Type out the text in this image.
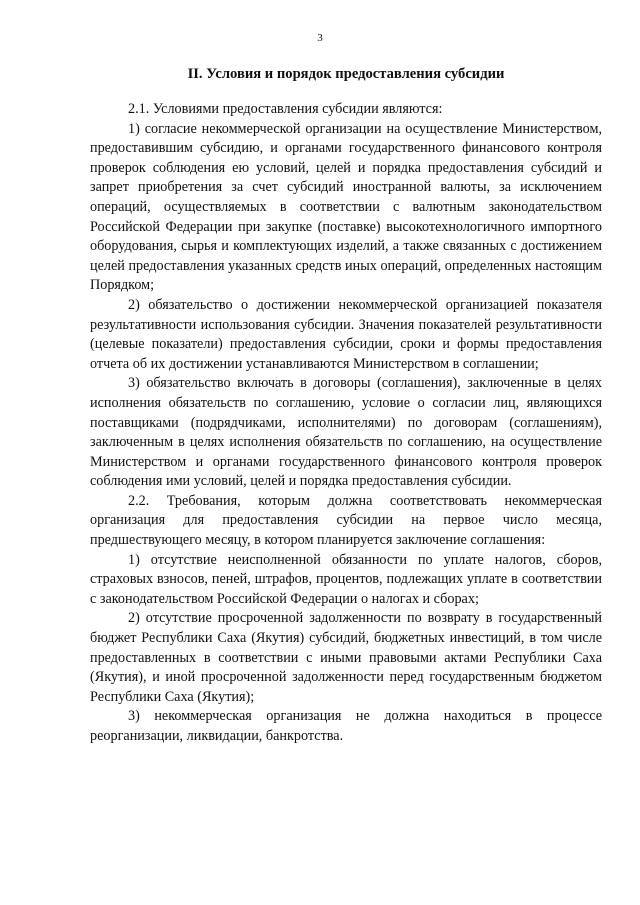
3
II. Условия и порядок предоставления субсидии

2.1. Условиями предоставления субсидии являются:

1) согласие некоммерческой организации на осуществление Министерством, предоставившим субсидию, и органами государственного финансового контроля проверок соблюдения ею условий, целей и порядка предоставления субсидий и запрет приобретения за счет субсидий иностранной валюты, за исключением операций, осуществляемых в соответствии с валютным законодательством Российской Федерации при закупке (поставке) высокотехнологичного импортного оборудования, сырья и комплектующих изделий, а также связанных с достижением целей предоставления указанных средств иных операций, определенных настоящим Порядком;

2) обязательство о достижении некоммерческой организацией показателя результативности использования субсидии. Значения показателей результативности (целевые показатели) предоставления субсидии, сроки и формы предоставления отчета об их достижении устанавливаются Министерством в соглашении;

3) обязательство включать в договоры (соглашения), заключенные в целях исполнения обязательств по соглашению, условие о согласии лиц, являющихся поставщиками (подрядчиками, исполнителями) по договорам (соглашениям), заключенным в целях исполнения обязательств по соглашению, на осуществление Министерством и органами государственного финансового контроля проверок соблюдения ими условий, целей и порядка предоставления субсидии.

2.2. Требования, которым должна соответствовать некоммерческая организация для предоставления субсидии на первое число месяца, предшествующего месяцу, в котором планируется заключение соглашения:

1) отсутствие неисполненной обязанности по уплате налогов, сборов, страховых взносов, пеней, штрафов, процентов, подлежащих уплате в соответствии с законодательством Российской Федерации о налогах и сборах;

2) отсутствие просроченной задолженности по возврату в государственный бюджет Республики Саха (Якутия) субсидий, бюджетных инвестиций, в том числе предоставленных в соответствии с иными правовыми актами Республики Саха (Якутия), и иной просроченной задолженности перед государственным бюджетом Республики Саха (Якутия);

3) некоммерческая организация не должна находиться в процессе реорганизации, ликвидации, банкротства.
